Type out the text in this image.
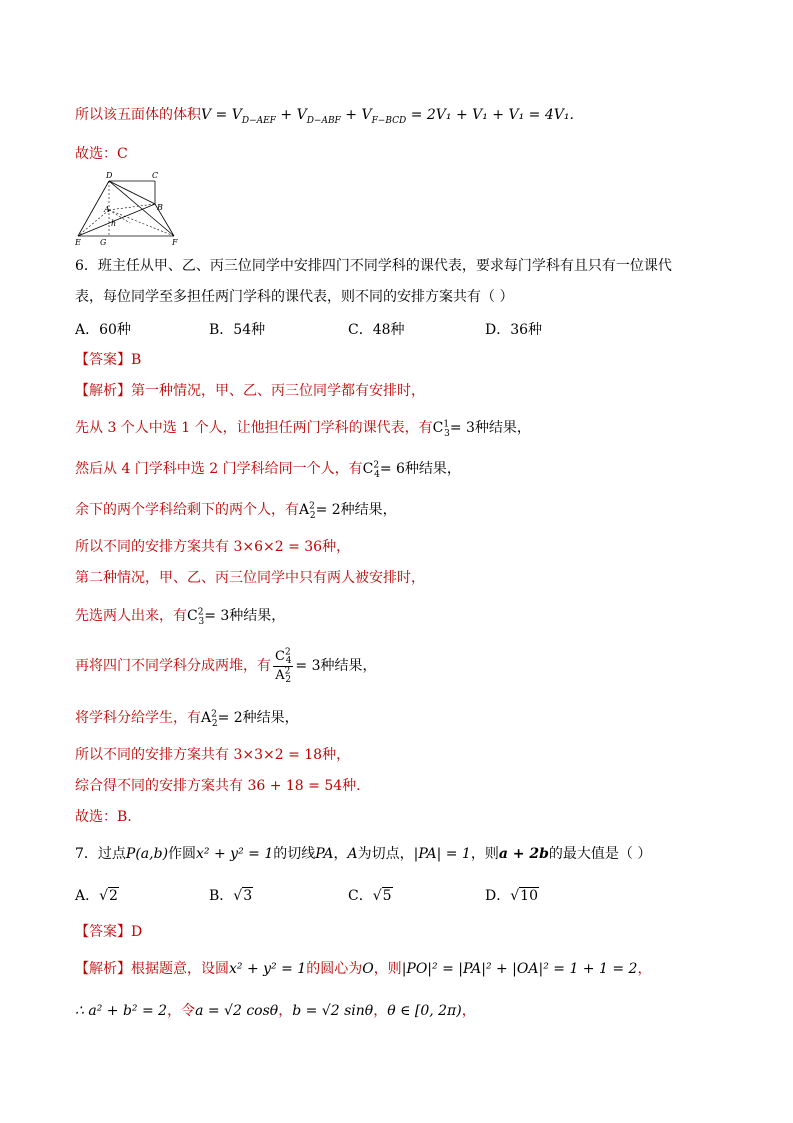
所以该五面体的体积$V = V_{D-AEF} + V_{D-ABF} + V_{F-BCD} = 2V_1 + V_1 + V_1 = 4V_1$.
故选：C
D	C
B
A
h
E G	F
6．班主任从甲、乙、丙三位同学中安排四门不同学科的课代表，要求每门学科有且只有一位课代
表，每位同学至多担任两门学科的课代表，则不同的安排方案共有（ ）
A．60种	B．54种	C．48种	D．36种
【答案】B
【解析】第一种情况，甲、乙、丙三位同学都有安排时，
先从 3 个人中选 1 个人，让他担任两门学科的课代表，有$C^1_3= 3$种结果，
然后从 4 门学科中选 2 门学科给同一个人，有$C^2_4= 6$种结果，
余下的两个学科给剩下的两个人，有$A^2_2= 2$种结果，
所以不同的安排方案共有 3×6×2 = 36种，
第二种情况，甲、乙、丙三位同学中只有两人被安排时，
先选两人出来，有$C^2_3= 3$种结果，
再将四门不同学科分成两堆，有 $\frac{C^2_4}{A^2_2} = 3$种结果，
将学科分给学生，有$A^2_2= 2$种结果，
所以不同的安排方案共有 3×3×2 = 18种，
综合得不同的安排方案共有 36 + 18 = 54种.
故选：B.
7．过点P(a,b)作圆x² + y² = 1的切线PA，A为切点，|PA| = 1，则a + 2b的最大值是（ ）
A．√2	B．√3	C．√5	D．√10
【答案】D
【解析】根据题意，设圆x² + y² = 1的圆心为O，则|PO|² = |PA|² + |OA|² = 1 + 1 = 2，
∴ a² + b² = 2，令a = √2 cosθ，b = √2 sinθ，θ ∈ [0, 2π)，
